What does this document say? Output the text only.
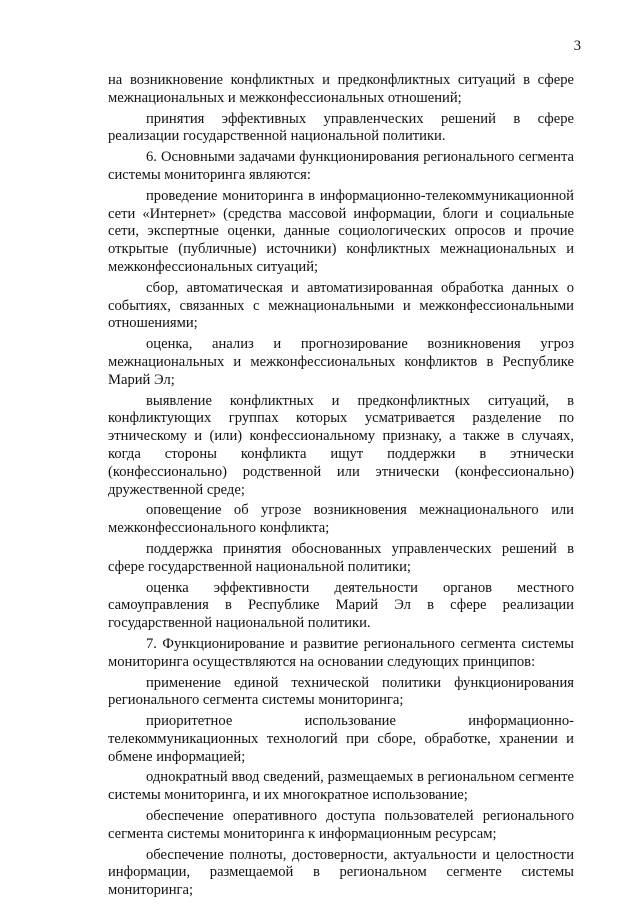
3

на возникновение конфликтных и предконфликтных ситуаций в сфере межнациональных и межконфессиональных отношений;

принятия эффективных управленческих решений в сфере реализации государственной национальной политики.

6. Основными задачами функционирования регионального сегмента системы мониторинга являются:

проведение мониторинга в информационно-телекоммуникационной сети «Интернет» (средства массовой информации, блоги и социальные сети, экспертные оценки, данные социологических опросов и прочие открытые (публичные) источники) конфликтных межнациональных и межконфессиональных ситуаций;

сбор, автоматическая и автоматизированная обработка данных о событиях, связанных с межнациональными и межконфессиональными отношениями;

оценка, анализ и прогнозирование возникновения угроз межнациональных и межконфессиональных конфликтов в Республике Марий Эл;

выявление конфликтных и предконфликтных ситуаций, в конфликтующих группах которых усматривается разделение по этническому и (или) конфессиональному признаку, а также в случаях, когда стороны конфликта ищут поддержки в этнически (конфессионально) родственной или этнически (конфессионально) дружественной среде;

оповещение об угрозе возникновения межнационального или межконфессионального конфликта;

поддержка принятия обоснованных управленческих решений в сфере государственной национальной политики;

оценка эффективности деятельности органов местного самоуправления в Республике Марий Эл в сфере реализации государственной национальной политики.

7. Функционирование и развитие регионального сегмента системы мониторинга осуществляются на основании следующих принципов:

применение единой технической политики функционирования регионального сегмента системы мониторинга;

приоритетное использование информационно-телекоммуникационных технологий при сборе, обработке, хранении и обмене информацией;

однократный ввод сведений, размещаемых в региональном сегменте системы мониторинга, и их многократное использование;

обеспечение оперативного доступа пользователей регионального сегмента системы мониторинга к информационным ресурсам;

обеспечение полноты, достоверности, актуальности и целостности информации, размещаемой в региональном сегменте системы мониторинга;
